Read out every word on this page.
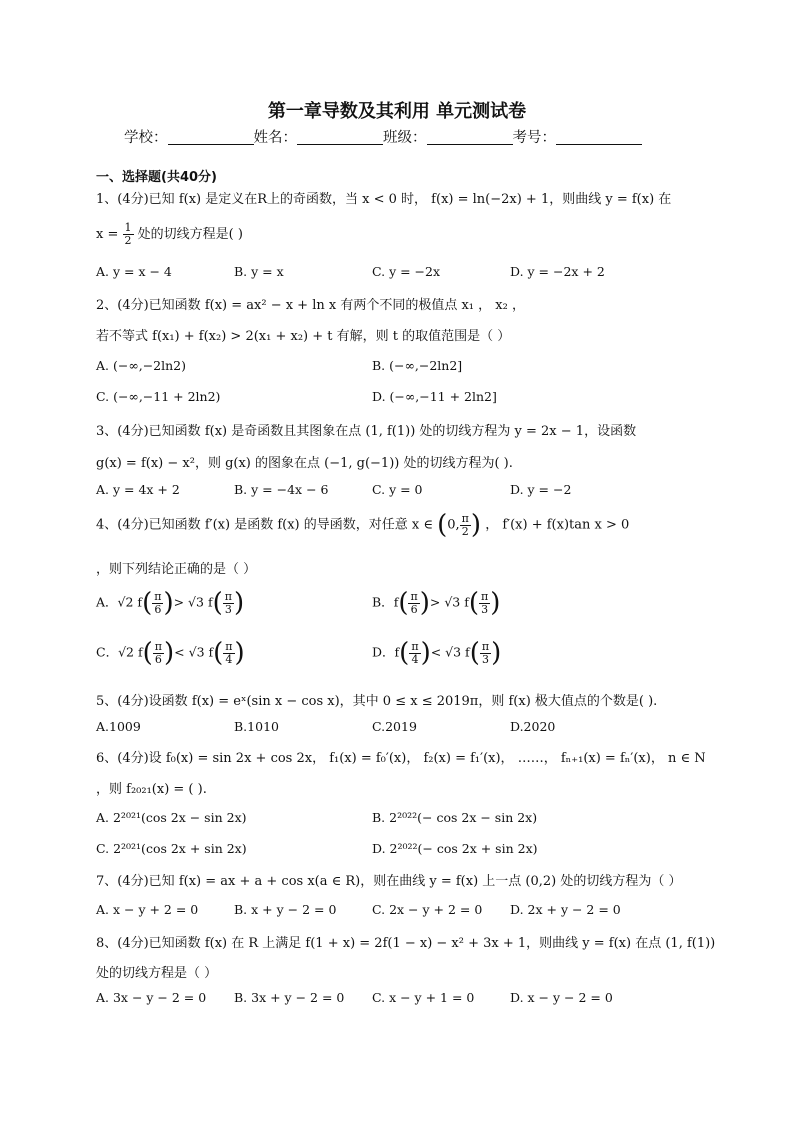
第一章导数及其利用 单元测试卷
学校：	姓名：	班级：	考号：
一、选择题(共40分)
1、(4分)已知 f(x) 是定义在R上的奇函数，当 x < 0 时， f(x) = ln(−2x) + 1，则曲线 y = f(x) 在
$x = \frac{1}{2}$ 处的切线方程是( )
A. y = x − 4	B. y = x	C. y = −2x	D. y = −2x + 2
2、(4分)已知函数 f(x) = ax² − x + ln x 有两个不同的极值点 x₁ ， x₂ ，
若不等式 f(x₁) + f(x₂) > 2(x₁ + x₂) + t 有解，则 t 的取值范围是（ ）
A. (−∞,−2ln2)	B. (−∞,−2ln2]
C. (−∞,−11 + 2ln2)	D. (−∞,−11 + 2ln2]
3、(4分)已知函数 f(x) 是奇函数且其图象在点 (1, f(1)) 处的切线方程为 y = 2x − 1，设函数
g(x) = f(x) − x²，则 g(x) 的图象在点 (−1, g(−1)) 处的切线方程为( ).
A. y = 4x + 2	B. y = −4x − 6	C. y = 0	D. y = −2
4、(4分)已知函数 f′(x) 是函数 f(x) 的导函数，对任意 x ∈ (0, $\frac{\pi}{2}$ ) ， f′(x) + f(x)tan x > 0
，则下列结论正确的是（ ）
A．√2 $f( \frac{\pi}{6}$ )> √3 $f( \frac{\pi}{3}$ )	B．$f( \frac{\pi}{6}$ )> √3 $f( \frac{\pi}{3}$ )
C．√2 $f( \frac{\pi}{6}$ )< √3 $f( \frac{\pi}{4}$ )	D．$f( \frac{\pi}{4}$ )< √3 $f( \frac{\pi}{3}$ )
5、(4分)设函数 f(x) = eˣ(sin x − cos x)，其中 0 ≤ x ≤ 2019π，则 f(x) 极大值点的个数是( ).
A.1009	B.1010	C.2019	D.2020
6、(4分)设 f₀(x) = sin 2x + cos 2x， f₁(x) = f₀′(x)， f₂(x) = f₁′(x)， ……， fₙ₊₁(x) = fₙ′(x)， n ∈ N
，则 f₂₀₂₁(x) = ( ).
A. 2²⁰²¹(cos 2x − sin 2x)	B. 2²⁰²²(− cos 2x − sin 2x)
C. 2²⁰²¹(cos 2x + sin 2x)	D. 2²⁰²²(− cos 2x + sin 2x)
7、(4分)已知 f(x) = ax + a + cos x(a ∈ R)，则在曲线 y = f(x) 上一点 (0,2) 处的切线方程为（ ）
A. x − y + 2 = 0	B. x + y − 2 = 0	C. 2x − y + 2 = 0 D. 2x + y − 2 = 0
8、(4分)已知函数 f(x) 在 R 上满足 f(1 + x) = 2f(1 − x) − x² + 3x + 1，则曲线 y = f(x) 在点 (1, f(1))
处的切线方程是（ ）
A. 3x − y − 2 = 0 B. 3x + y − 2 = 0 C. x − y + 1 = 0	D. x − y − 2 = 0
